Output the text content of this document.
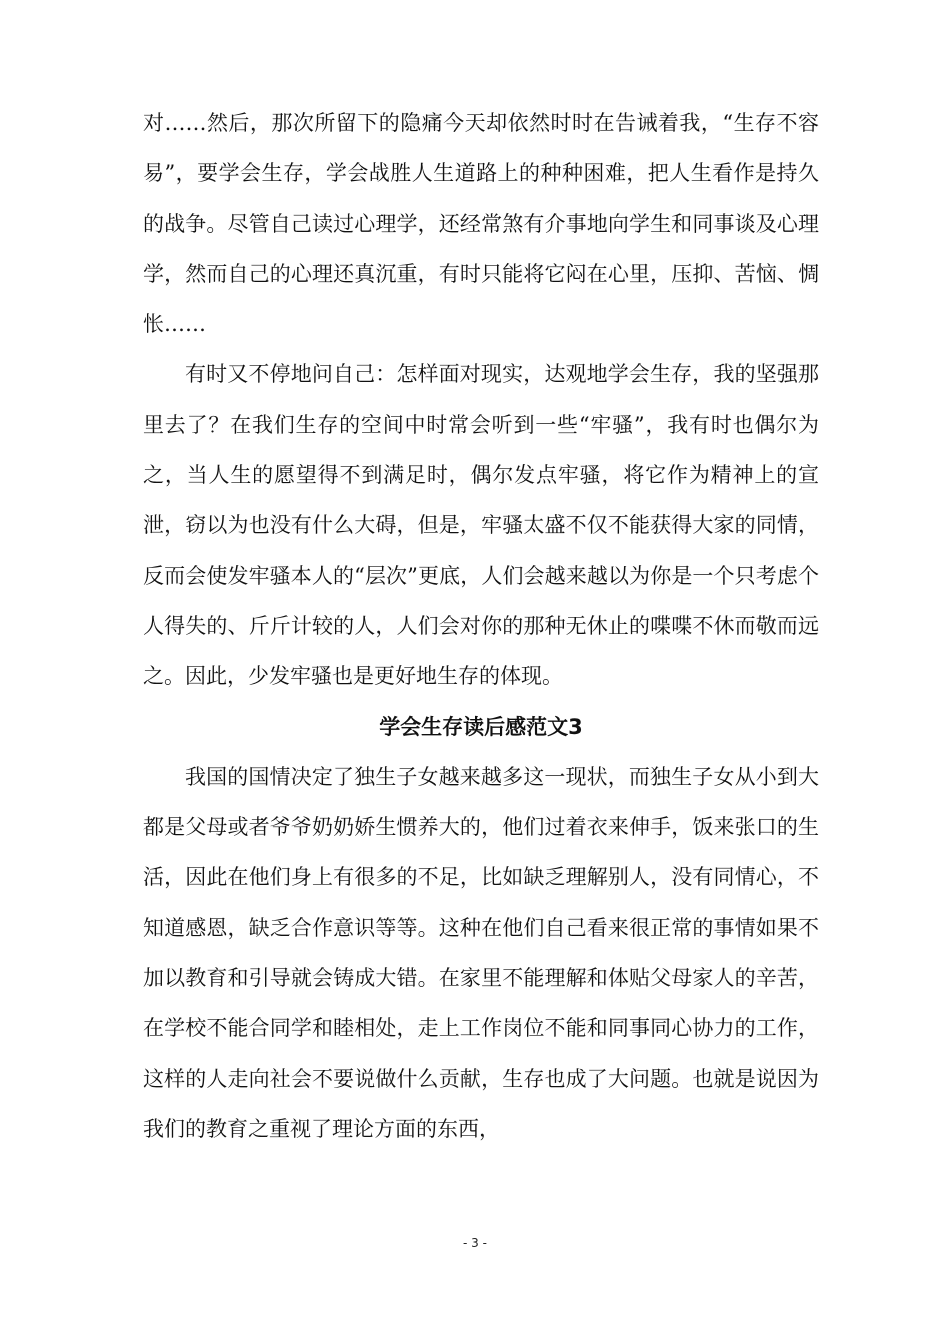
对……然后，那次所留下的隐痛今天却依然时时在告诫着我，“生存不容易”，要学会生存，学会战胜人生道路上的种种困难，把人生看作是持久的战争。尽管自己读过心理学，还经常煞有介事地向学生和同事谈及心理学，然而自己的心理还真沉重，有时只能将它闷在心里，压抑、苦恼、惆怅……

有时又不停地问自己：怎样面对现实，达观地学会生存，我的坚强那里去了？在我们生存的空间中时常会听到一些“牢骚”，我有时也偶尔为之，当人生的愿望得不到满足时，偶尔发点牢骚，将它作为精神上的宣泄，窃以为也没有什么大碍，但是，牢骚太盛不仅不能获得大家的同情，反而会使发牢骚本人的“层次”更底，人们会越来越以为你是一个只考虑个人得失的、斤斤计较的人，人们会对你的那种无休止的喋喋不休而敬而远之。因此，少发牢骚也是更好地生存的体现。

学会生存读后感范文3

我国的国情决定了独生子女越来越多这一现状，而独生子女从小到大都是父母或者爷爷奶奶娇生惯养大的，他们过着衣来伸手，饭来张口的生活，因此在他们身上有很多的不足，比如缺乏理解别人，没有同情心，不知道感恩，缺乏合作意识等等。这种在他们自己看来很正常的事情如果不加以教育和引导就会铸成大错。在家里不能理解和体贴父母家人的辛苦，在学校不能合同学和睦相处，走上工作岗位不能和同事同心协力的工作，这样的人走向社会不要说做什么贡献，生存也成了大问题。也就是说因为我们的教育之重视了理论方面的东西，

- 3 -
